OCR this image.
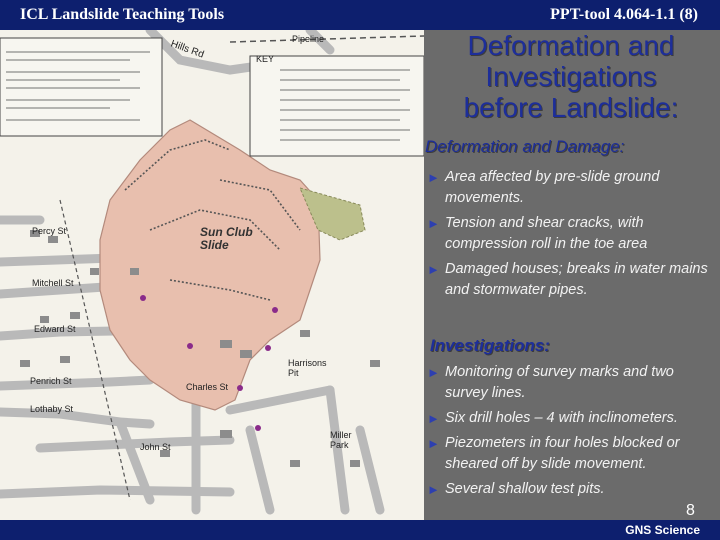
ICL Landslide Teaching Tools	PPT-tool 4.064-1.1 (8)
KEY
Sun Club Slide
Percy St
Mitchell St
Edward St
Penrich St
Lothaby St
John St
Charles St
Miller Park
Harrisons Pit
Hills Rd	Pipeline	Deformation and
Investigations
before Landslide:
Deformation and Damage:
► Area affected by pre-slide ground movements.
► Tension and shear cracks, with compression roll in the toe area
► Damaged houses; breaks in water mains and stormwater pipes.
Investigations:
► Monitoring of survey marks and two survey lines.
► Six drill holes – 4 with inclinometers.
► Piezometers in four holes blocked or sheared off by slide movement.
► Several shallow test pits.
8
GNS Science
